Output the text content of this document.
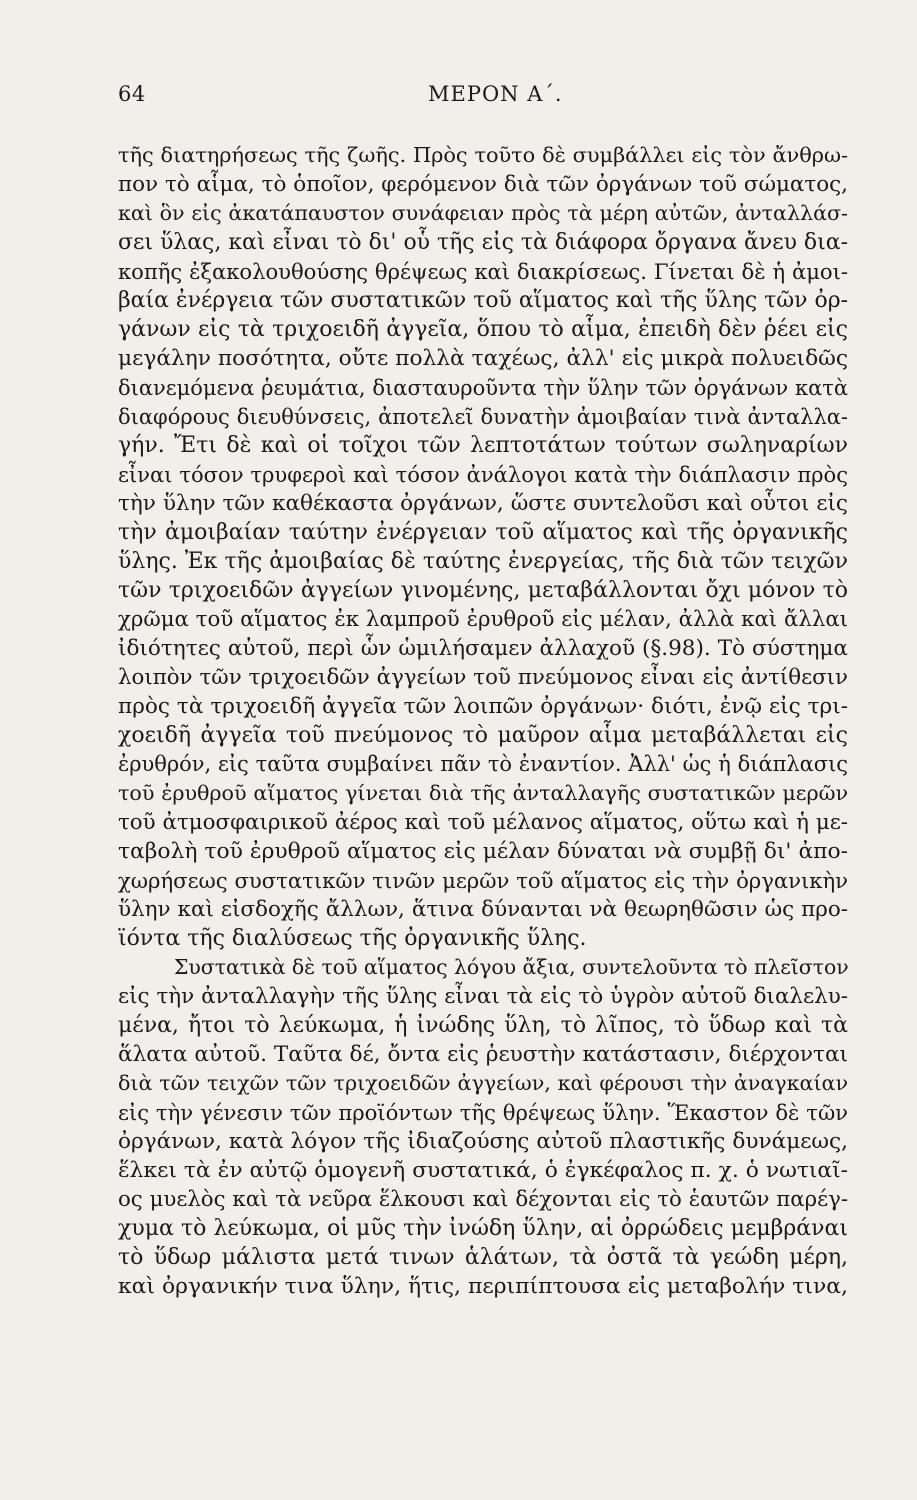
64	ΜΕΡΟΝ Α΄.
τῆς διατηρήσεως τῆς ζωῆς. Πρὸς τοῦτο δὲ συμβάλλει εἰς τὸν ἄνθρω-
πον τὸ αἷμα, τὸ ὁποῖον, φερόμενον διὰ τῶν ὀργάνων τοῦ σώματος,
καὶ ὃν εἰς ἀκατάπαυστον συνάφειαν πρὸς τὰ μέρη αὐτῶν, ἀνταλλάσ-
σει ὕλας, καὶ εἶναι τὸ δι' οὗ τῆς εἰς τὰ διάφορα ὄργανα ἄνευ δια-
κοπῆς ἐξακολουθούσης θρέψεως καὶ διακρίσεως. Γίνεται δὲ ἡ ἀμοι-
βαία ἐνέργεια τῶν συστατικῶν τοῦ αἵματος καὶ τῆς ὕλης τῶν ὀρ-
γάνων εἰς τὰ τριχοειδῆ ἀγγεῖα, ὅπου τὸ αἷμα, ἐπειδὴ δὲν ῥέει εἰς
μεγάλην ποσότητα, οὔτε πολλὰ ταχέως, ἀλλ' εἰς μικρὰ πολυειδῶς
διανεμόμενα ῥευμάτια, διασταυροῦντα τὴν ὕλην τῶν ὀργάνων κατὰ
διαφόρους διευθύνσεις, ἀποτελεῖ δυνατὴν ἀμοιβαίαν τινὰ ἀνταλλα-
γήν. Ἔτι δὲ καὶ οἱ τοῖχοι τῶν λεπτοτάτων τούτων σωληναρίων
εἶναι τόσον τρυφεροὶ καὶ τόσον ἀνάλογοι κατὰ τὴν διάπλασιν πρὸς
τὴν ὕλην τῶν καθέκαστα ὀργάνων, ὥστε συντελοῦσι καὶ οὗτοι εἰς
τὴν ἀμοιβαίαν ταύτην ἐνέργειαν τοῦ αἵματος καὶ τῆς ὀργανικῆς
ὕλης. Ἐκ τῆς ἀμοιβαίας δὲ ταύτης ἐνεργείας, τῆς διὰ τῶν τειχῶν
τῶν τριχοειδῶν ἀγγείων γινομένης, μεταβάλλονται ὄχι μόνον τὸ
χρῶμα τοῦ αἵματος ἐκ λαμπροῦ ἐρυθροῦ εἰς μέλαν, ἀλλὰ καὶ ἄλλαι
ἰδιότητες αὐτοῦ, περὶ ὧν ὡμιλήσαμεν ἀλλαχοῦ (§.98). Τὸ σύστημα
λοιπὸν τῶν τριχοειδῶν ἀγγείων τοῦ πνεύμονος εἶναι εἰς ἀντίθεσιν
πρὸς τὰ τριχοειδῆ ἀγγεῖα τῶν λοιπῶν ὀργάνων· διότι, ἐνῷ εἰς τρι-
χοειδῆ ἀγγεῖα τοῦ πνεύμονος τὸ μαῦρον αἷμα μεταβάλλεται εἰς
ἐρυθρόν, εἰς ταῦτα συμβαίνει πᾶν τὸ ἐναντίον. Ἀλλ' ὡς ἡ διάπλασις
τοῦ ἐρυθροῦ αἵματος γίνεται διὰ τῆς ἀνταλλαγῆς συστατικῶν μερῶν
τοῦ ἀτμοσφαιρικοῦ ἀέρος καὶ τοῦ μέλανος αἵματος, οὕτω καὶ ἡ με-
ταβολὴ τοῦ ἐρυθροῦ αἵματος εἰς μέλαν δύναται νὰ συμβῇ δι' ἀπο-
χωρήσεως συστατικῶν τινῶν μερῶν τοῦ αἵματος εἰς τὴν ὀργανικὴν
ὕλην καὶ εἰσδοχῆς ἄλλων, ἅτινα δύνανται νὰ θεωρηθῶσιν ὡς προ-
ϊόντα τῆς διαλύσεως τῆς ὀργανικῆς ὕλης.
Συστατικὰ δὲ τοῦ αἵματος λόγου ἄξια, συντελοῦντα τὸ πλεῖστον
εἰς τὴν ἀνταλλαγὴν τῆς ὕλης εἶναι τὰ εἰς τὸ ὑγρὸν αὐτοῦ διαλελυ-
μένα, ἤτοι τὸ λεύκωμα, ἡ ἰνώδης ὕλη, τὸ λῖπος, τὸ ὕδωρ καὶ τὰ
ἅλατα αὐτοῦ. Ταῦτα δέ, ὄντα εἰς ῥευστὴν κατάστασιν, διέρχονται
διὰ τῶν τειχῶν τῶν τριχοειδῶν ἀγγείων, καὶ φέρουσι τὴν ἀναγκαίαν
εἰς τὴν γένεσιν τῶν προϊόντων τῆς θρέψεως ὕλην. Ἕκαστον δὲ τῶν
ὀργάνων, κατὰ λόγον τῆς ἰδιαζούσης αὐτοῦ πλαστικῆς δυνάμεως,
ἕλκει τὰ ἐν αὐτῷ ὁμογενῆ συστατικά, ὁ ἐγκέφαλος π. χ. ὁ νωτιαῖ-
ος μυελὸς καὶ τὰ νεῦρα ἕλκουσι καὶ δέχονται εἰς τὸ ἑαυτῶν παρέγ-
χυμα τὸ λεύκωμα, οἱ μῦς τὴν ἰνώδη ὕλην, αἱ ὀρρώδεις μεμβράναι
τὸ ὕδωρ μάλιστα μετά τινων ἁλάτων, τὰ ὀστᾶ τὰ γεώδη μέρη,
καὶ ὀργανικήν τινα ὕλην, ἥτις, περιπίπτουσα εἰς μεταβολήν τινα,
